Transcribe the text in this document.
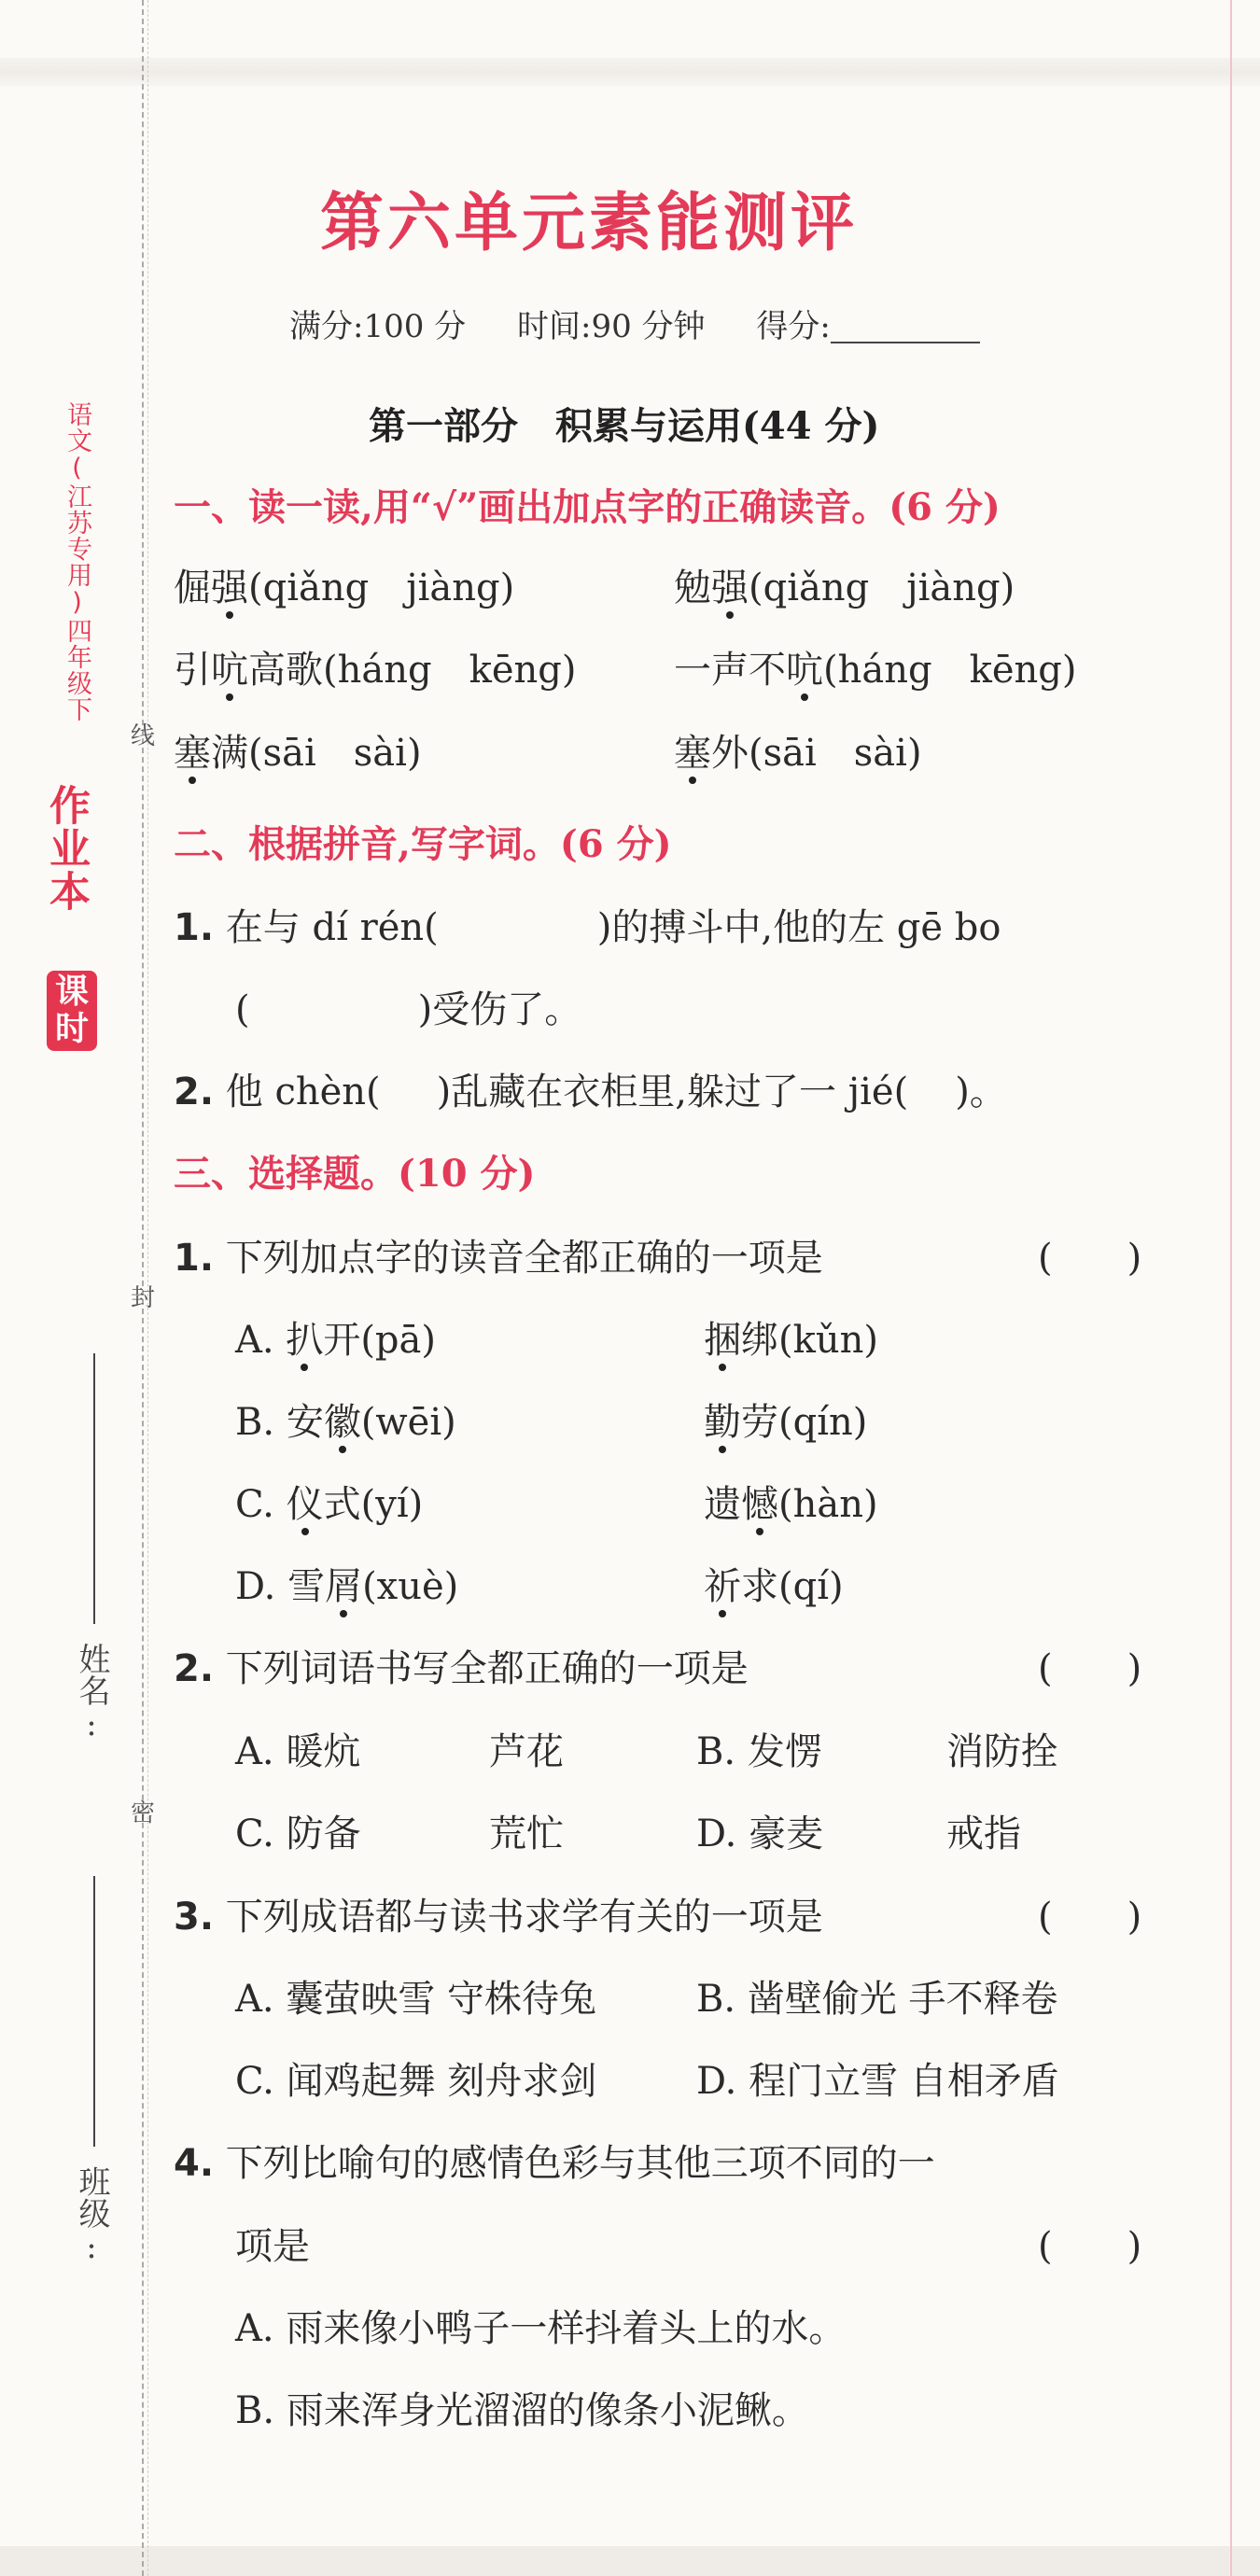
语文(江苏专用)四年级下
作业本
课时
线
封
密
姓名:
班级:
第六单元素能测评
满分:100 分 时间:90 分钟 得分:
第一部分　积累与运用(44 分)
一、读一读,用“√”画出加点字的正确读音。(6 分)
倔强(qiǎng　jiàng)	勉强(qiǎng　jiàng)
引吭高歌(háng　kēng)	一声不吭(háng　kēng)
塞满(sāi　sài)	塞外(sāi　sài)
二、根据拼音,写字词。(6 分)
1. 在与 dí rén(	)的搏斗中,他的左 gē bo
(	)受伤了。
2. 他 chèn( )乱藏在衣柜里,躲过了一 jié( )。
三、选择题。(10 分)
1. 下列加点字的读音全都正确的一项是	(　　)
A. 扒开(pā)	捆绑(kǔn)
B. 安徽(wēi)	勤劳(qín)
C. 仪式(yí)	遗憾(hàn)
D. 雪屑(xuè)	祈求(qí)
2. 下列词语书写全都正确的一项是	(　　)
A. 暖炕	芦花	B. 发愣	消防拴
C. 防备	荒忙	D. 豪麦	戒指
3. 下列成语都与读书求学有关的一项是	(　　)
A. 囊萤映雪 守株待兔	B. 凿壁偷光 手不释卷
C. 闻鸡起舞 刻舟求剑	D. 程门立雪 自相矛盾
4. 下列比喻句的感情色彩与其他三项不同的一
项是	(　　)
A. 雨来像小鸭子一样抖着头上的水。
B. 雨来浑身光溜溜的像条小泥鳅。
